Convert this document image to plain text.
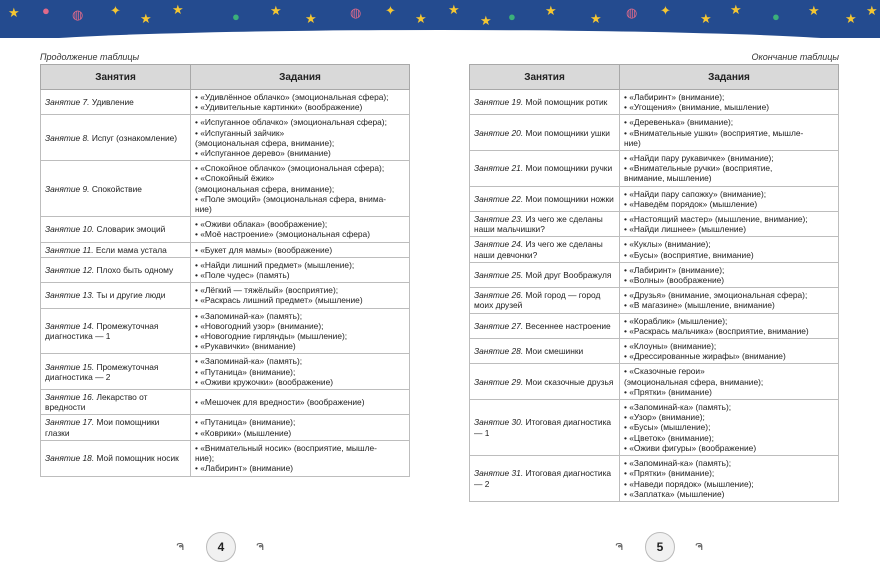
★ ● ◍ ✦
★
★	● ★
★	◍ ✦
★
★
★ ● ★
★ ◍ ✦
★
★ ● ★
★
★
Продолжение таблицы
Занятия	Задания
Занятие 7. Удивление	• «Удивлённое облачко» (эмоциональная сфера);
• «Удивительные картинки» (воображение)

Занятие 8. Испуг (ознакомление)	• «Испуганное облачко» (эмоциональная сфера);
• «Испуганный зайчик»
(эмоциональная сфера, внимание);
• «Испуганное дерево» (внимание)

Занятие 9. Спокойствие	• «Спокойное облачко» (эмоциональная сфера);
• «Спокойный ёжик»
(эмоциональная сфера, внимание);
• «Поле эмоций» (эмоциональная сфера, внима-
ние)

Занятие 10. Словарик эмоций	• «Оживи облака» (воображение);
• «Моё настроение» (эмоциональная сфера)

Занятие 11. Если мама устала	• «Букет для мамы» (воображение)

Занятие 12. Плохо быть одному	• «Найди лишний предмет» (мышление);
• «Поле чудес» (память)

Занятие 13. Ты и другие люди	• «Лёгкий — тяжёлый» (восприятие);
• «Раскрась лишний предмет» (мышление)

Занятие 14. Промежуточная диагностика — 1	• «Запоминай-ка» (память);
• «Новогодний узор» (внимание);
• «Новогодние гирлянды» (мышление);
• «Рукавички» (внимание)

Занятие 15. Промежуточная диагностика — 2	• «Запоминай-ка» (память);
• «Путаница» (внимание);
• «Оживи кружочки» (воображение)

Занятие 16. Лекарство от вредности	• «Мешочек для вредности» (воображение)

Занятие 17. Мои помощники глазки	• «Путаница» (внимание);
• «Коврики» (мышление)

Занятие 18. Мой помощник носик	• «Внимательный носик» (восприятие, мышле-
ние);
• «Лабиринт» (внимание)
Окончание таблицы
Занятия	Задания
Занятие 19. Мой помощник ротик	• «Лабиринт» (внимание);
• «Угощения» (внимание, мышление)

Занятие 20. Мои помощники ушки	• «Деревенька» (внимание);
• «Внимательные ушки» (восприятие, мышле-
ние)

Занятие 21. Мои помощники ручки	• «Найди пару рукавичке» (внимание);
• «Внимательные ручки» (восприятие,
внимание, мышление)

Занятие 22. Мои помощники ножки	• «Найди пару сапожку» (внимание);
• «Наведём порядок» (мышление)

Занятие 23. Из чего же сделаны наши мальчишки?	• «Настоящий мастер» (мышление, внимание);
• «Найди лишнее» (мышление)

Занятие 24. Из чего же сделаны наши девчонки?	• «Куклы» (внимание);
• «Бусы» (восприятие, внимание)

Занятие 25. Мой друг Воображуля	• «Лабиринт» (внимание);
• «Волны» (воображение)

Занятие 26. Мой город — город моих друзей	• «Друзья» (внимание, эмоциональная сфера);
• «В магазине» (мышление, внимание)

Занятие 27. Весеннее настроение	• «Кораблик» (мышление);
• «Раскрась мальчика» (восприятие, внимание)

Занятие 28. Мои смешинки	• «Клоуны» (внимание);
• «Дрессированные жирафы» (внимание)

Занятие 29. Мои сказочные друзья	• «Сказочные герои»
(эмоциональная сфера, внимание);
• «Прятки» (внимание)

Занятие 30. Итоговая диагностика — 1	• «Запоминай-ка» (память);
• «Узор» (внимание);
• «Бусы» (мышление);
• «Цветок» (внимание);
• «Оживи фигуры» (воображение)

Занятие 31. Итоговая диагностика — 2	• «Запоминай-ка» (память);
• «Прятки» (внимание);
• «Наведи порядок» (мышление);
• «Заплатка» (мышление)
ຈ	4	ຈ	ຈ	5	ຈ
